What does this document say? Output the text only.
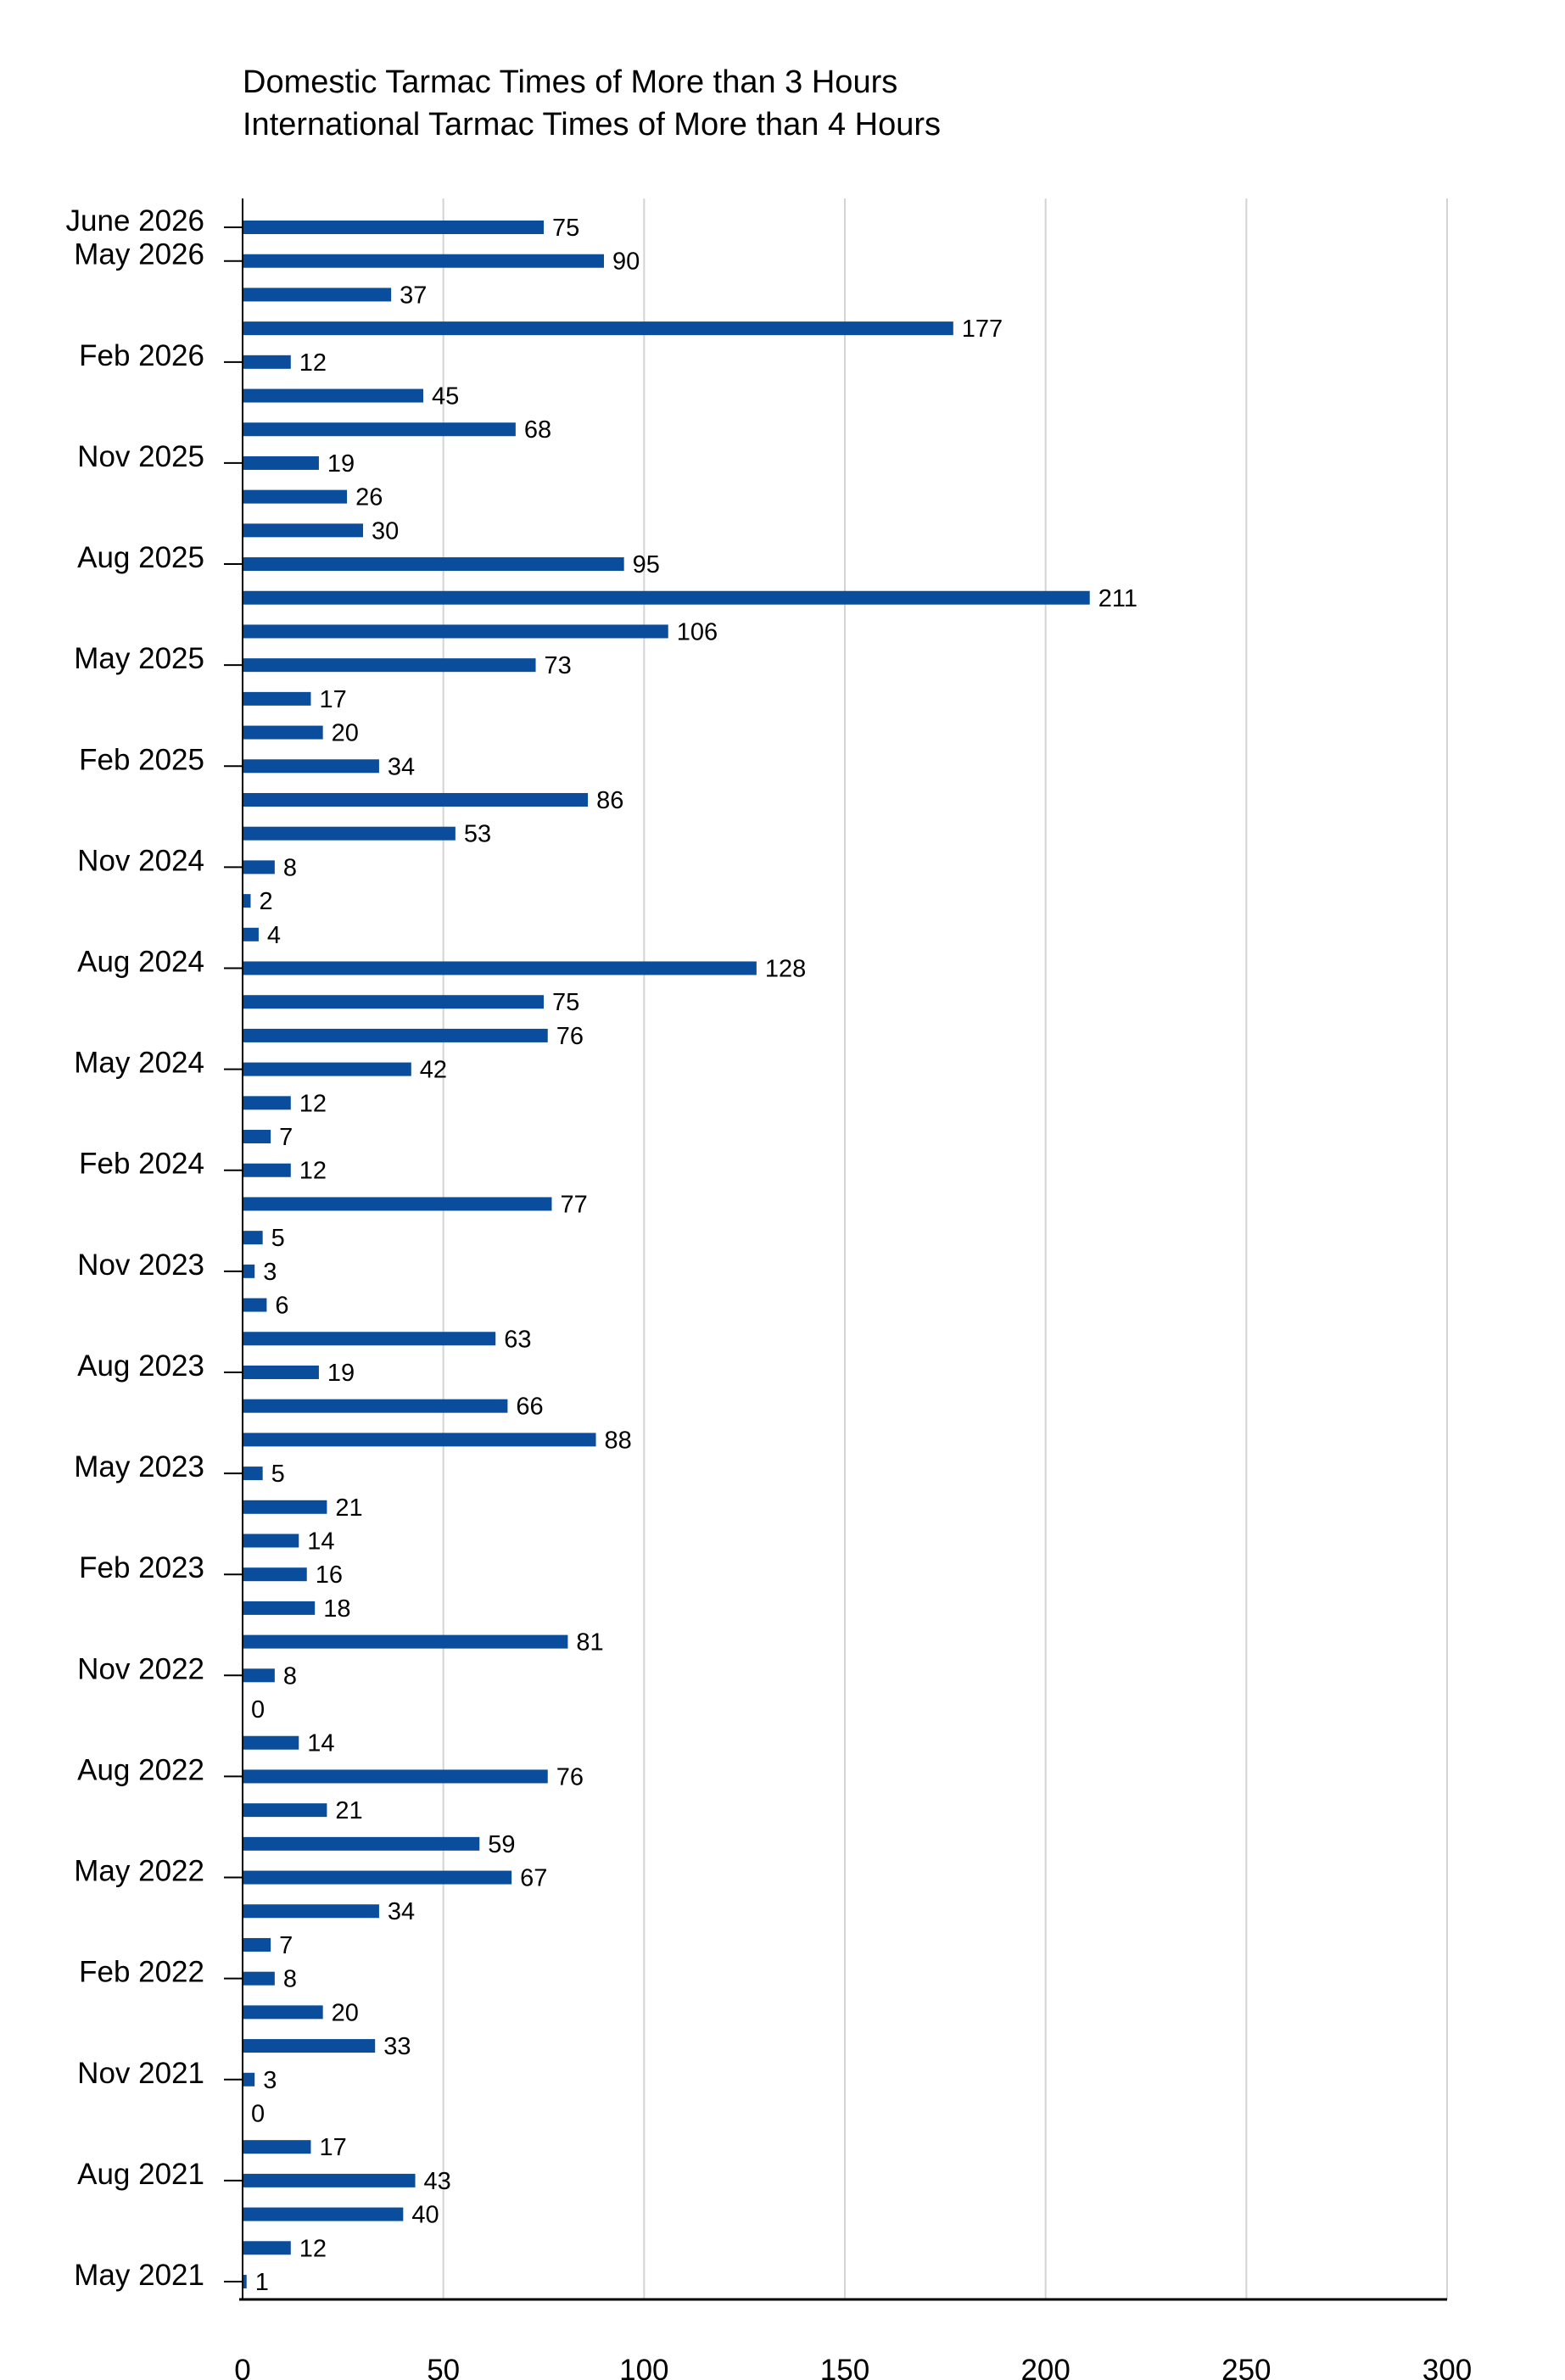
Domestic Tarmac Times of More than 3 Hours
International Tarmac Times of More than 4 Hours
75
90
37
177
12
45
68
19
26
30
95
211
106
73
17
20
34
86
53
8
2
4
128
75
76
42
12
7
12
77
5
3
6
63
19
66
88
5
21
14
16
18
81
8
0
14
76
21
59
67
34
7
8
20
33
3
0
17
43
40
12
1
June 2026
May 2026
Feb 2026
Nov 2025
Aug 2025
May 2025
Feb 2025
Nov 2024
Aug 2024
May 2024
Feb 2024
Nov 2023
Aug 2023
May 2023
Feb 2023
Nov 2022
Aug 2022
May 2022
Feb 2022
Nov 2021
Aug 2021
May 2021
0	50	100	150	200	250	300
